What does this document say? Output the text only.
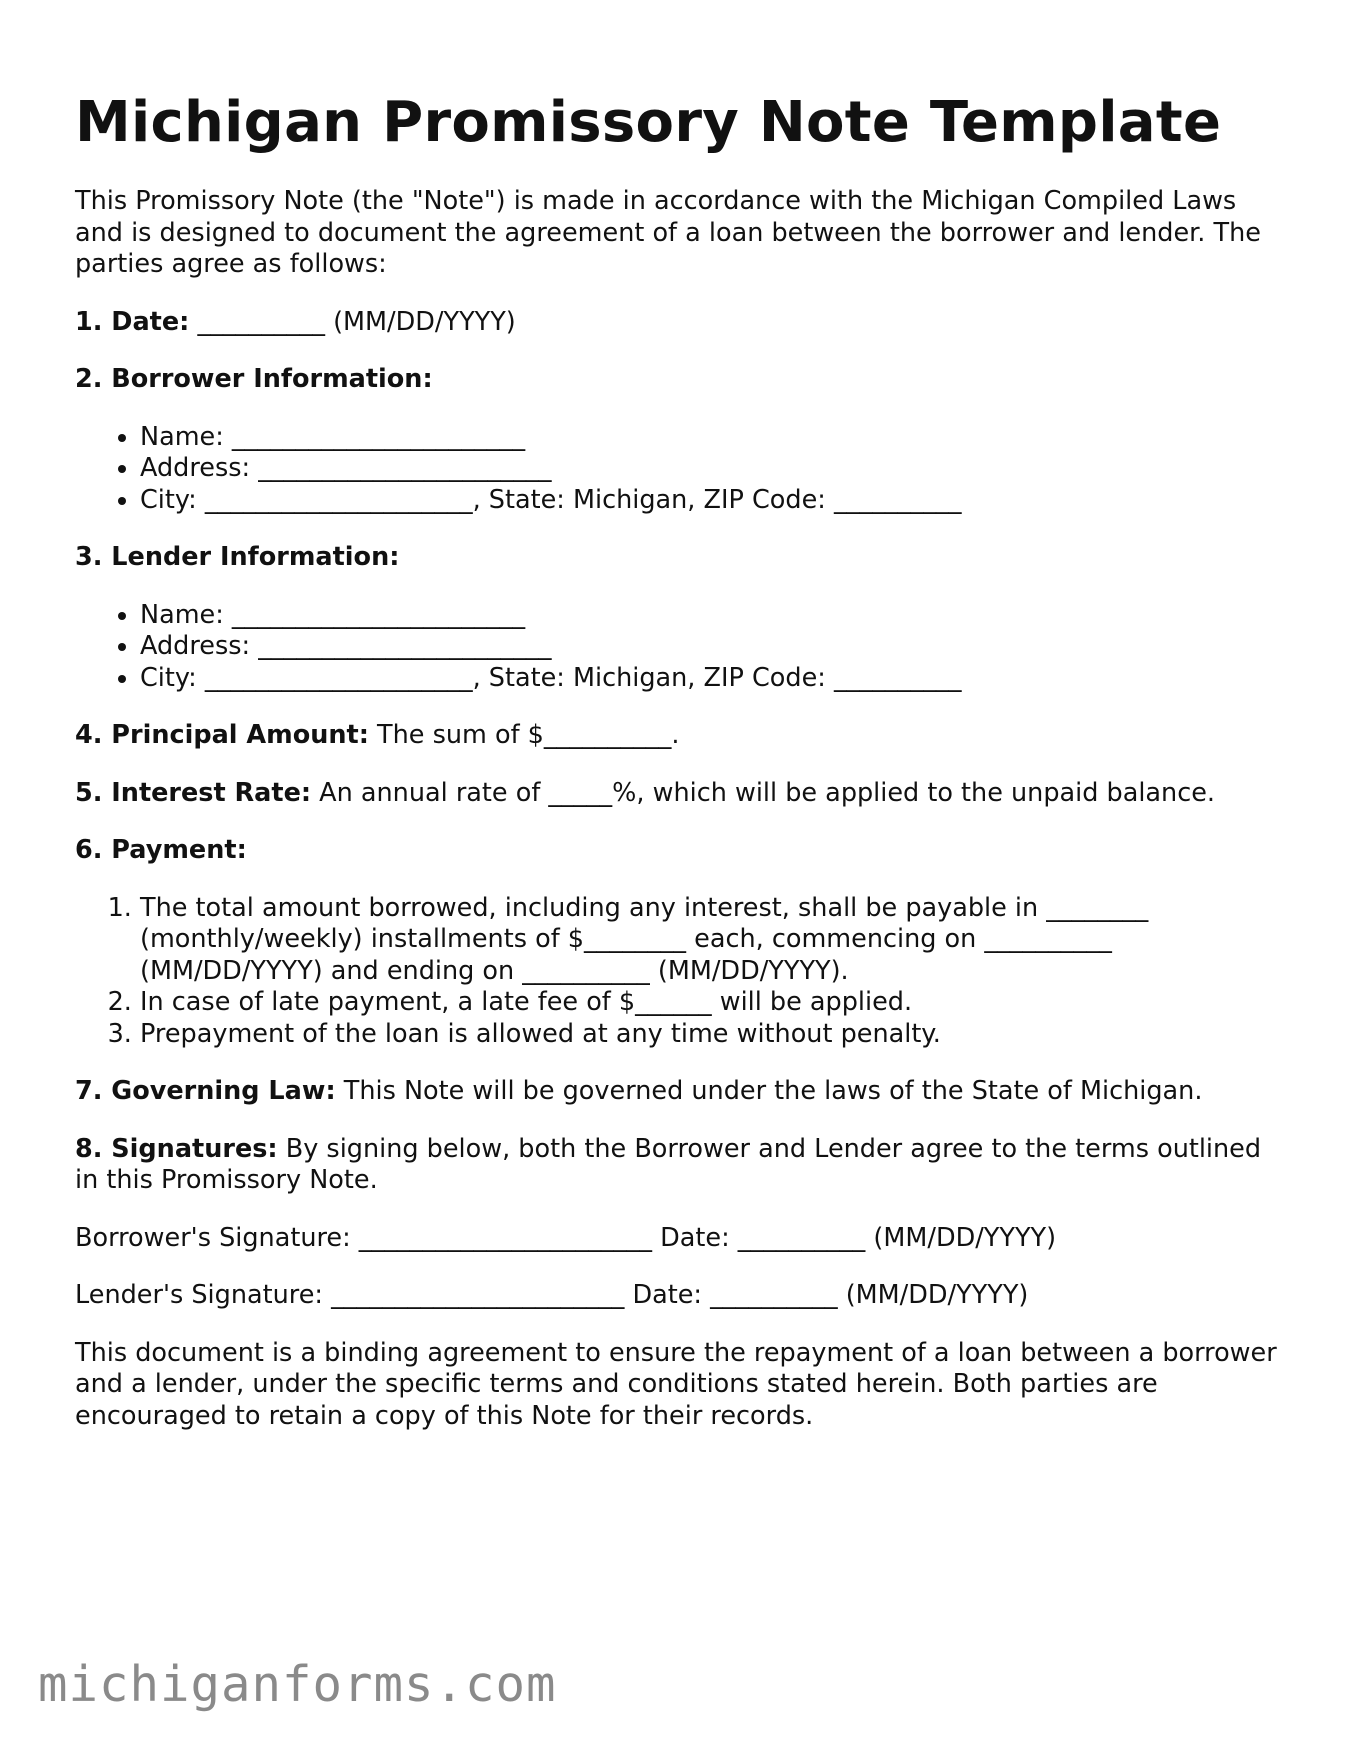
Michigan Promissory Note Template

This Promissory Note (the "Note") is made in accordance with the Michigan Compiled Laws and is designed to document the agreement of a loan between the borrower and lender. The parties agree as follows:

1. Date: __________ (MM/DD/YYYY)

2. Borrower Information:

• Name: _______________________
• Address: _______________________
• City: _____________________, State: Michigan, ZIP Code: __________

3. Lender Information:

• Name: _______________________
• Address: _______________________
• City: _____________________, State: Michigan, ZIP Code: __________

4. Principal Amount: The sum of $__________.

5. Interest Rate: An annual rate of _____%, which will be applied to the unpaid balance.

6. Payment:

1. The total amount borrowed, including any interest, shall be payable in ________ (monthly/weekly) installments of $________ each, commencing on __________ (MM/DD/YYYY) and ending on __________ (MM/DD/YYYY).
2. In case of late payment, a late fee of $______ will be applied.
3. Prepayment of the loan is allowed at any time without penalty.

7. Governing Law: This Note will be governed under the laws of the State of Michigan.

8. Signatures: By signing below, both the Borrower and Lender agree to the terms outlined in this Promissory Note.

Borrower's Signature: _______________________ Date: __________ (MM/DD/YYYY)

Lender's Signature: _______________________ Date: __________ (MM/DD/YYYY)

This document is a binding agreement to ensure the repayment of a loan between a borrower and a lender, under the specific terms and conditions stated herein. Both parties are encouraged to retain a copy of this Note for their records.

michiganforms.com
